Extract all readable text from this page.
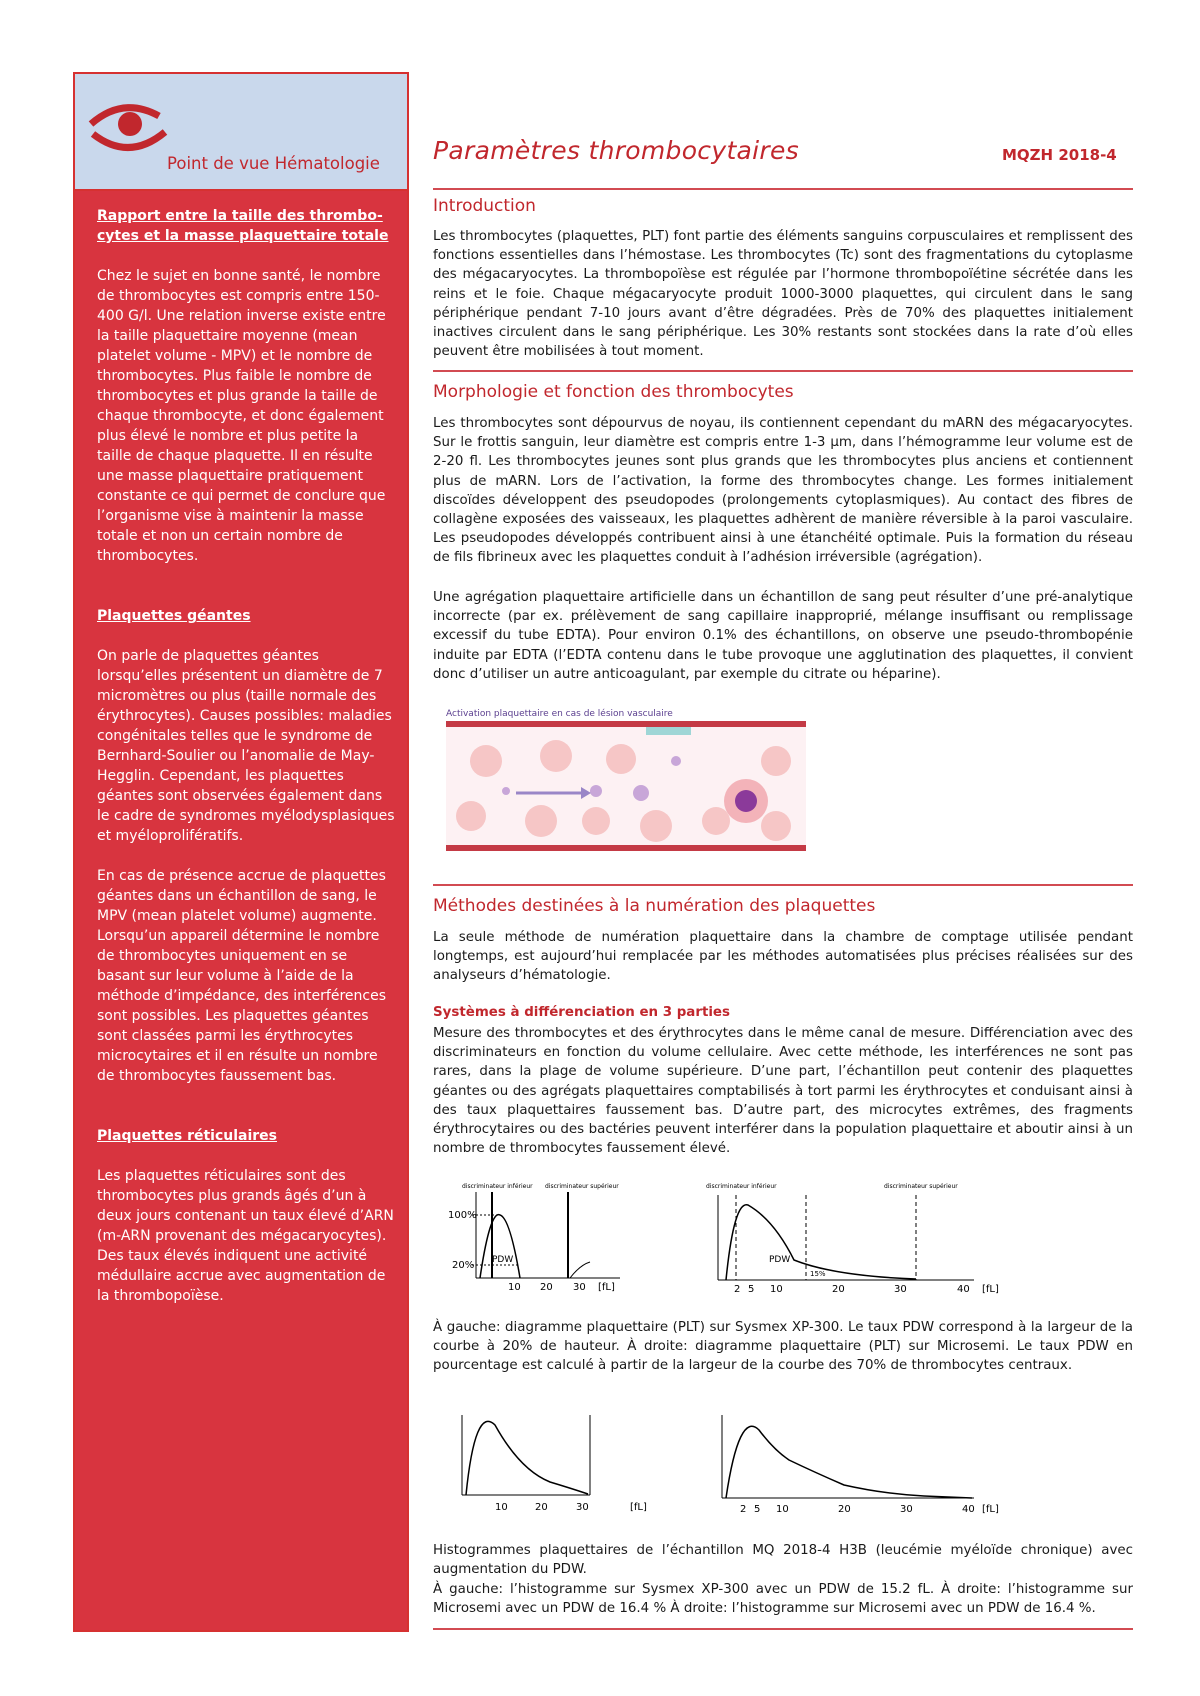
Point de vue Hématologie
Rapport entre la taille des thrombo-cytes et la masse plaquettaire totale

Chez le sujet en bonne santé, le nombre de thrombocytes est compris entre 150-400 G/l. Une relation inverse existe entre la taille plaquettaire moyenne (mean platelet volume - MPV) et le nombre de thrombocytes. Plus faible le nombre de thrombocytes et plus grande la taille de chaque thrombocyte, et donc également plus élevé le nombre et plus petite la taille de chaque plaquette. Il en résulte une masse plaquettaire pratiquement constante ce qui permet de conclure que l’organisme vise à maintenir la masse totale et non un certain nombre de thrombocytes.

Plaquettes géantes

On parle de plaquettes géantes lorsqu’elles présentent un diamètre de 7 micromètres ou plus (taille normale des érythrocytes). Causes possibles: maladies congénitales telles que le syndrome de Bernhard-Soulier ou l’anomalie de May-Hegglin. Cependant, les plaquettes géantes sont observées également dans le cadre de syndromes myélodysplasiques et myéloprolifératifs.

En cas de présence accrue de plaquettes géantes dans un échantillon de sang, le MPV (mean platelet volume) augmente.

Lorsqu’un appareil détermine le nombre de thrombocytes uniquement en se basant sur leur volume à l’aide de la méthode d’impédance, des interférences sont possibles. Les plaquettes géantes sont classées parmi les érythrocytes microcytaires et il en résulte un nombre de thrombocytes faussement bas.

Plaquettes réticulaires

Les plaquettes réticulaires sont des thrombocytes plus grands âgés d’un à deux jours contenant un taux élevé d’ARN (m-ARN provenant des mégacaryocytes). Des taux élevés indiquent une activité médullaire accrue avec augmentation de la thrombopoïèse.

Paramètres thrombocytaires	MQZH 2018-4
Introduction
Les thrombocytes (plaquettes, PLT) font partie des éléments sanguins corpusculaires et remplissent des fonctions essentielles dans l’hémostase. Les thrombocytes (Tc) sont des fragmentations du cytoplasme des mégacaryocytes. La thrombopoïèse est régulée par l’hormone thrombopoïétine sécrétée dans les reins et le foie. Chaque mégacaryocyte produit 1000-3000 plaquettes, qui circulent dans le sang périphérique pendant 7-10 jours avant d’être dégradées. Près de 70% des plaquettes initialement inactives circulent dans le sang périphérique. Les 30% restants sont stockées dans la rate d’où elles peuvent être mobilisées à tout moment.
Morphologie et fonction des thrombocytes
Les thrombocytes sont dépourvus de noyau, ils contiennent cependant du mARN des mégacaryocytes. Sur le frottis sanguin, leur diamètre est compris entre 1-3 µm, dans l’hémogramme leur volume est de 2-20 fl. Les thrombocytes jeunes sont plus grands que les thrombocytes plus anciens et contiennent plus de mARN. Lors de l’activation, la forme des thrombocytes change. Les formes initialement discoïdes développent des pseudopodes (prolongements cytoplasmiques). Au contact des fibres de collagène exposées des vaisseaux, les plaquettes adhèrent de manière réversible à la paroi vasculaire. Les pseudopodes développés contribuent ainsi à une étanchéité optimale. Puis la formation du réseau de fils fibrineux avec les plaquettes conduit à l’adhésion irréversible (agrégation).
Une agrégation plaquettaire artificielle dans un échantillon de sang peut résulter d’une pré-analytique incorrecte (par ex. prélèvement de sang capillaire inapproprié, mélange insuffisant ou remplissage excessif du tube EDTA). Pour environ 0.1% des échantillons, on observe une pseudo-thrombopénie induite par EDTA (l’EDTA contenu dans le tube provoque une agglutination des plaquettes, il convient donc d’utiliser un autre anticoagulant, par exemple du citrate ou héparine).
Activation plaquettaire en cas de lésion vasculaire
Méthodes destinées à la numération des plaquettes
La seule méthode de numération plaquettaire dans la chambre de comptage utilisée pendant longtemps, est aujourd’hui remplacée par les méthodes automatisées plus précises réalisées sur des analyseurs d’hématologie.
Systèmes à différenciation en 3 parties
Mesure des thrombocytes et des érythrocytes dans le même canal de mesure. Différenciation avec des discriminateurs en fonction du volume cellulaire. Avec cette méthode, les interférences ne sont pas rares, dans la plage de volume supérieure. D’une part, l’échantillon peut contenir des plaquettes géantes ou des agrégats plaquettaires comptabilisés à tort parmi les érythrocytes et conduisant ainsi à des taux plaquettaires faussement bas. D’autre part, des microcytes extrêmes, des fragments érythrocytaires ou des bactéries peuvent interférer dans la population plaquettaire et aboutir ainsi à un nombre de thrombocytes faussement élevé.
discriminateur inférieur discriminateur supérieur
100%
20% PDW
10 20 30 [fL]
discriminateur inférieur	discriminateur supérieur
PDW
15%
2 5 10	20	30	40 [fL]
À gauche: diagramme plaquettaire (PLT) sur Sysmex XP-300. Le taux PDW correspond à la largeur de la courbe à 20% de hauteur. À droite: diagramme plaquettaire (PLT) sur Microsemi. Le taux PDW en pourcentage est calculé à partir de la largeur de la courbe des 70% de thrombocytes centraux.
10	20	30	[fL]	2 5 10	20	30	40 [fL]
Histogrammes plaquettaires de l’échantillon MQ 2018-4 H3B (leucémie myéloïde chronique) avec augmentation du PDW.
À gauche: l’histogramme sur Sysmex XP-300 avec un PDW de 15.2 fL. À droite: l’histogramme sur Microsemi avec un PDW de 16.4 % À droite: l’histogramme sur Microsemi avec un PDW de 16.4 %.
